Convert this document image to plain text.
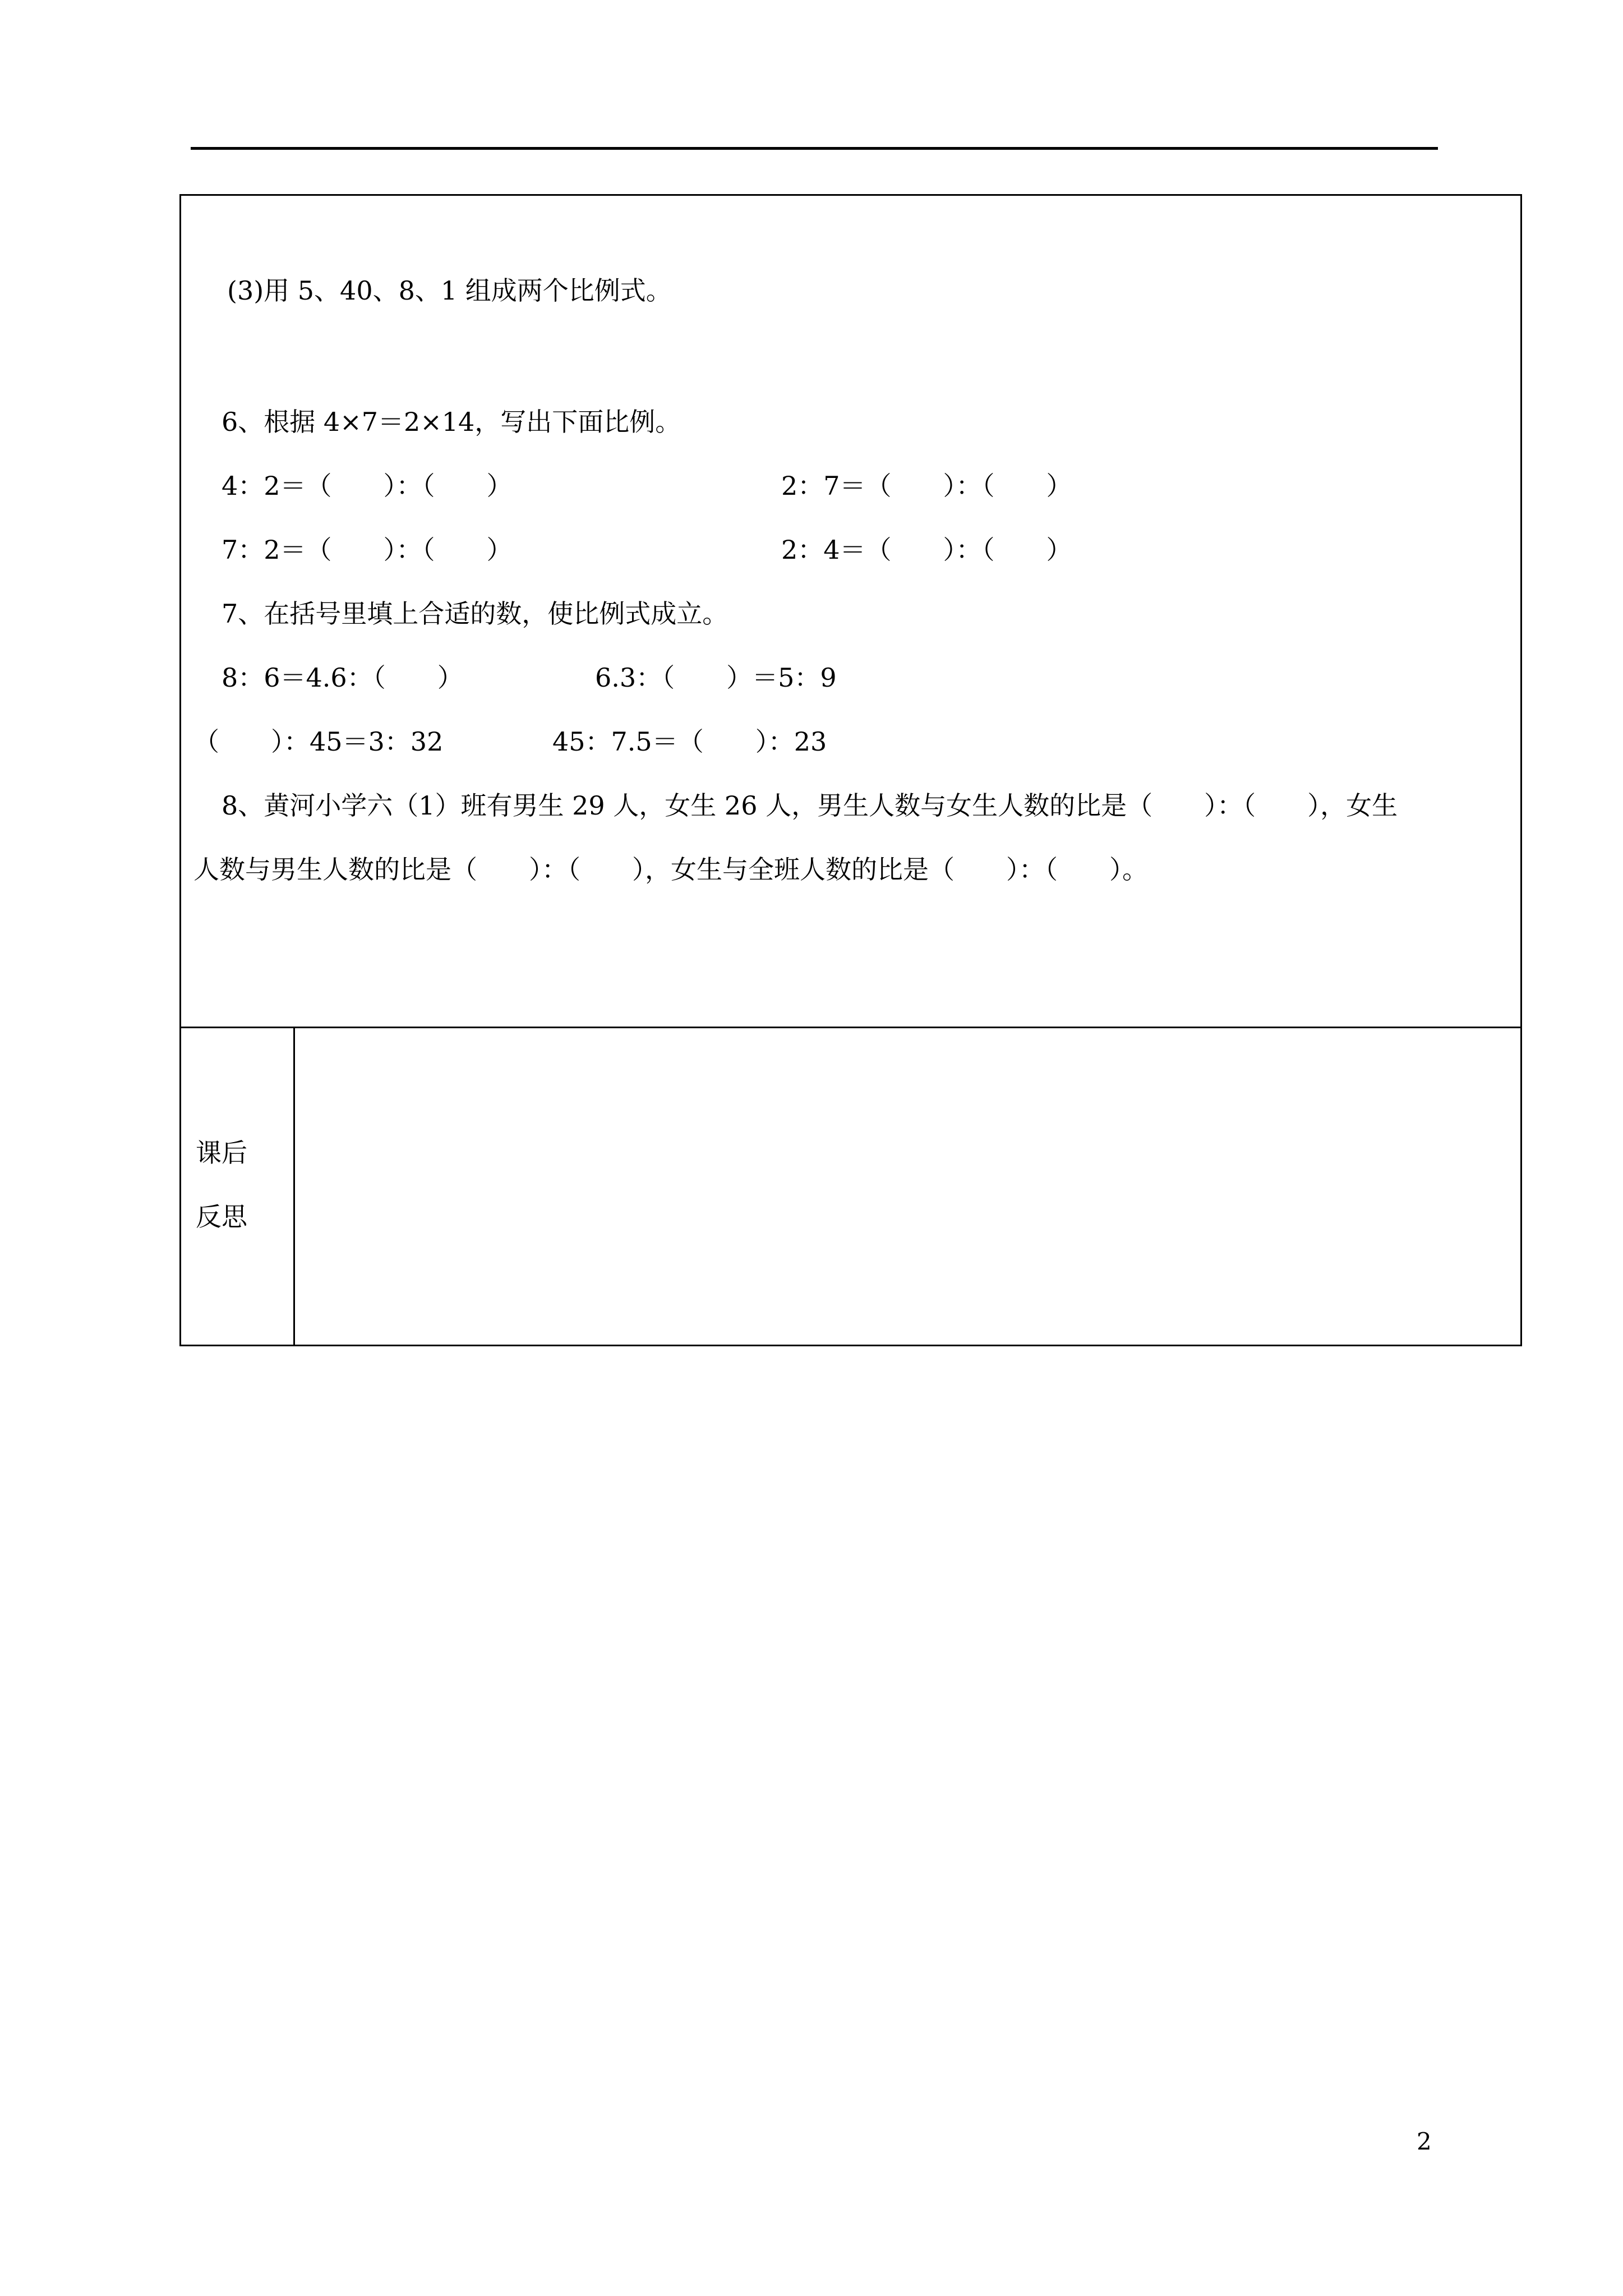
(3)用 5、40、8、1 组成两个比例式。
6、根据 4×7＝2×14，写出下面比例。
4：2＝（　　）：（　　）	2：7＝（　　）：（　　）
7：2＝（　　）：（　　）	2：4＝（　　）：（　　）
7、在括号里填上合适的数，使比例式成立。
8：6＝4.6：（　　）	6.3：（　　）＝5：9
（　　）：45＝3：32	45：7.5＝（　　）：23
8、黄河小学六（1）班有男生 29 人，女生 26 人，男生人数与女生人数的比是（　　）：（　　），女生
人数与男生人数的比是（　　）：（　　），女生与全班人数的比是（　　）：（　　）。
课后
反思
2
